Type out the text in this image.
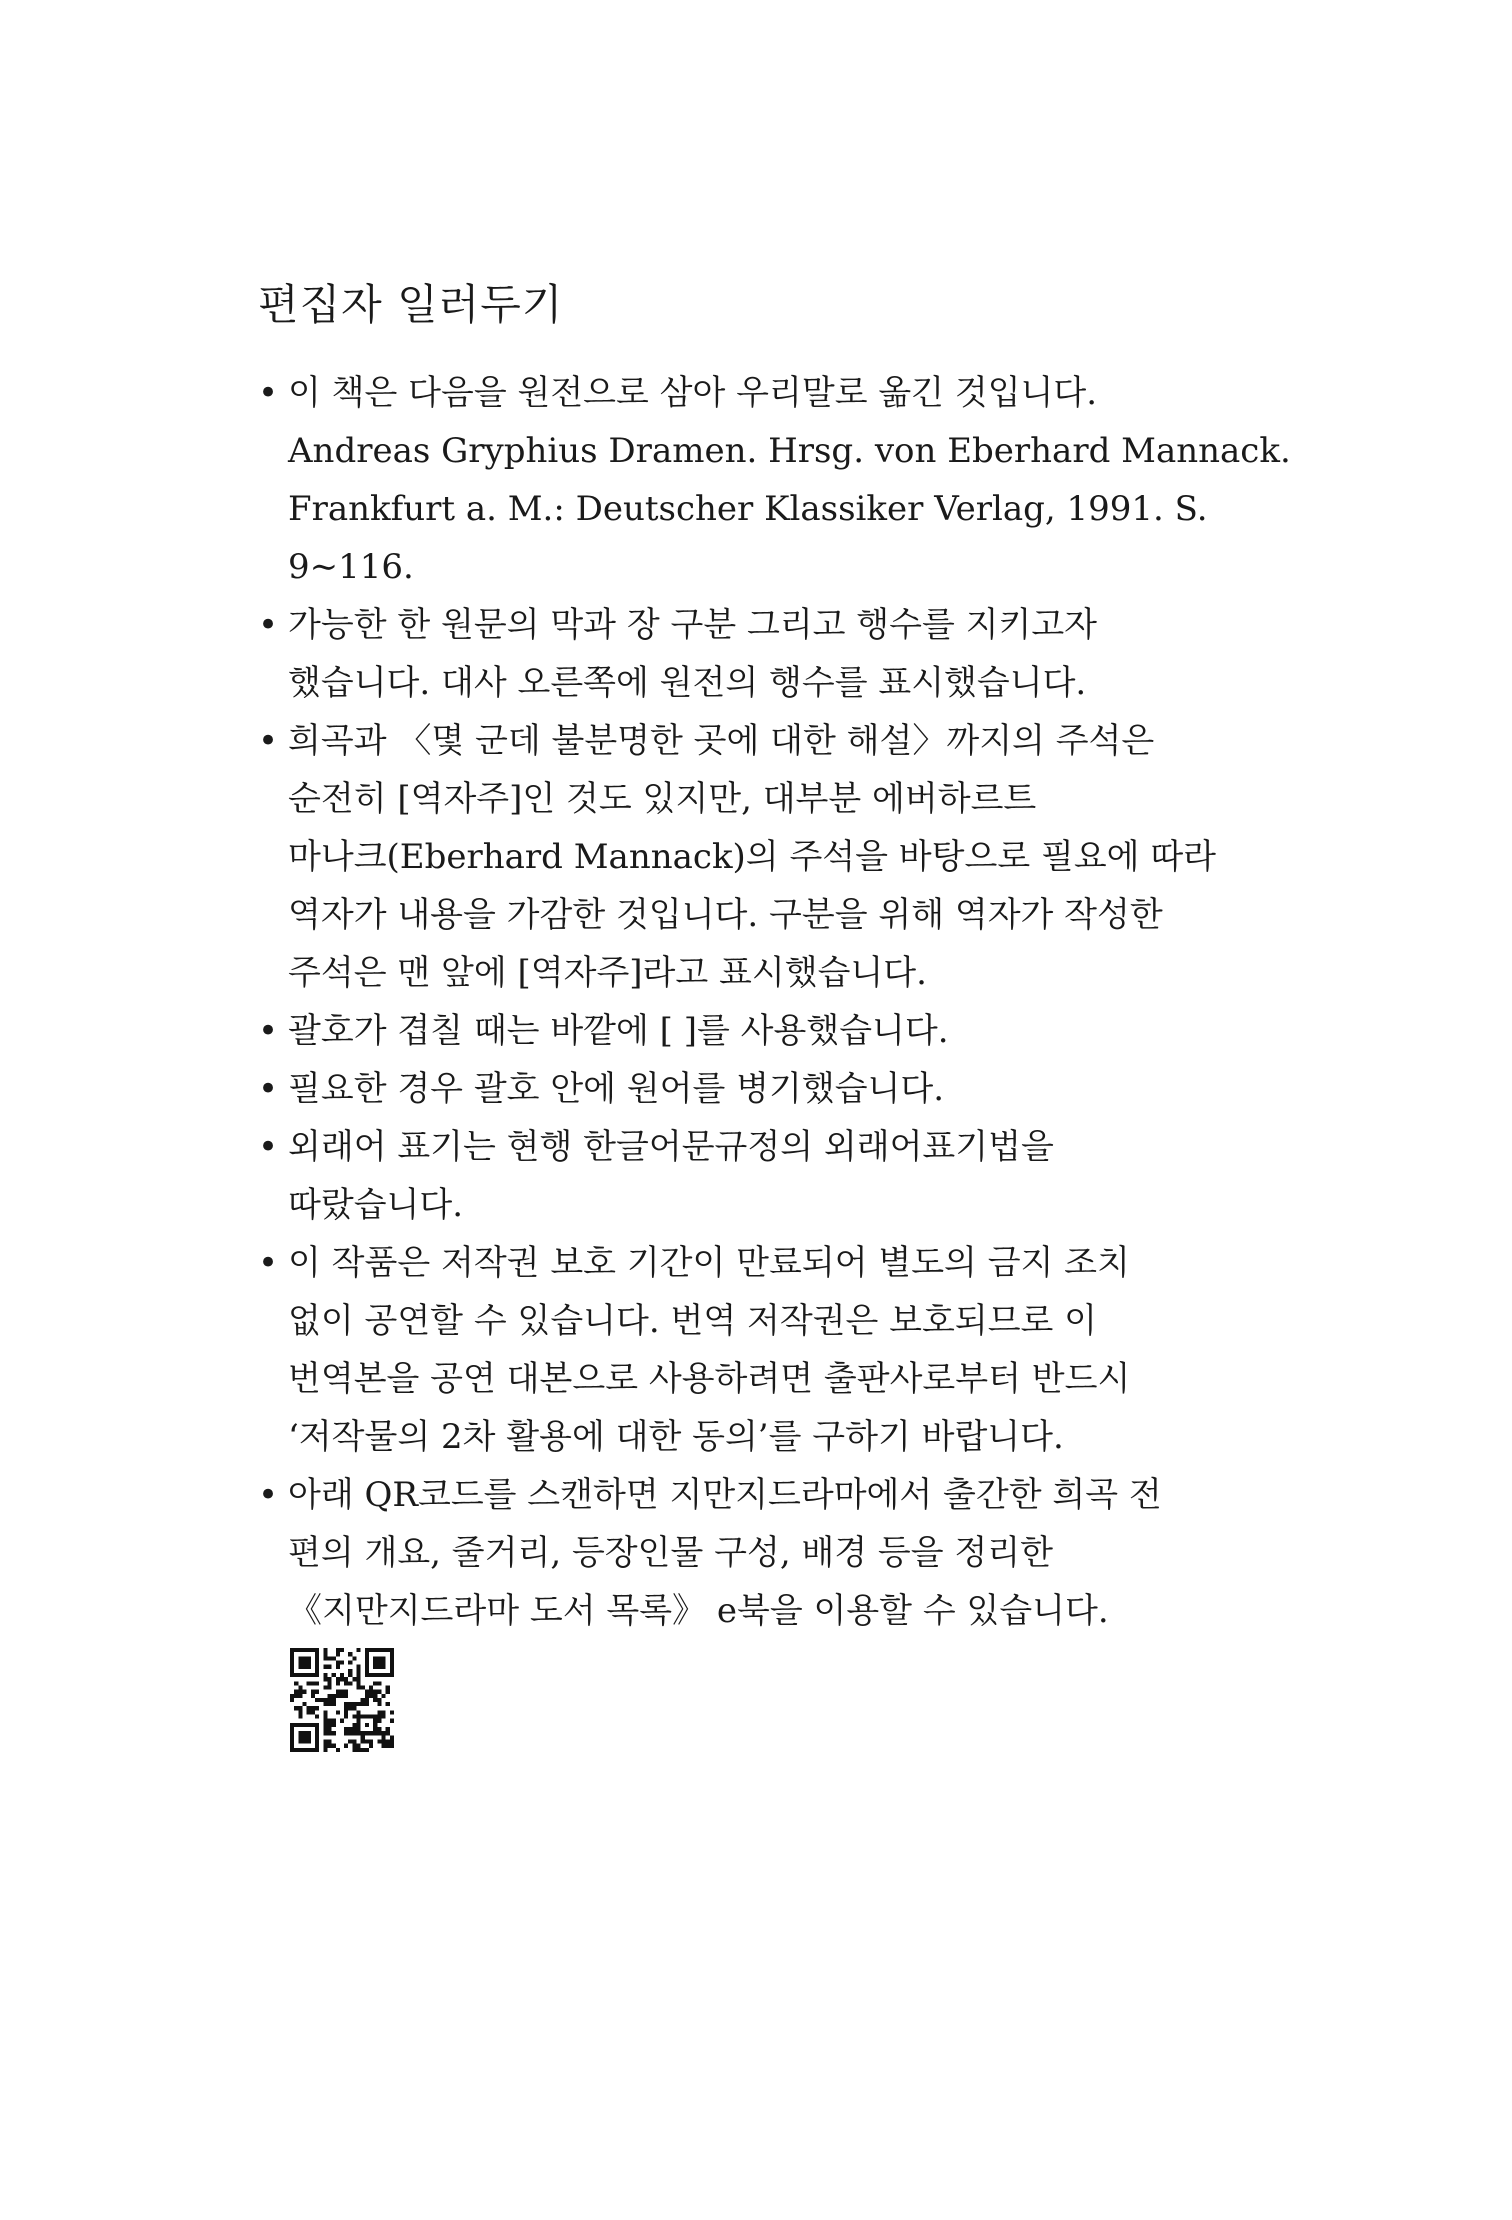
편집자 일러두기
• 이 책은 다음을 원전으로 삼아 우리말로 옮긴 것입니다.
Andreas Gryphius Dramen. Hrsg. von Eberhard Mannack.
Frankfurt a. M.: Deutscher Klassiker Verlag, 1991. S.
9∼116.
• 가능한 한 원문의 막과 장 구분 그리고 행수를 지키고자
했습니다. 대사 오른쪽에 원전의 행수를 표시했습니다.
• 희곡과 〈몇 군데 불분명한 곳에 대한 해설〉까지의 주석은
순전히 [역자주]인 것도 있지만, 대부분 에버하르트
마나크(Eberhard Mannack)의 주석을 바탕으로 필요에 따라
역자가 내용을 가감한 것입니다. 구분을 위해 역자가 작성한
주석은 맨 앞에 [역자주]라고 표시했습니다.
• 괄호가 겹칠 때는 바깥에 [ ]를 사용했습니다.
• 필요한 경우 괄호 안에 원어를 병기했습니다.
• 외래어 표기는 현행 한글어문규정의 외래어표기법을
따랐습니다.
• 이 작품은 저작권 보호 기간이 만료되어 별도의 금지 조치
없이 공연할 수 있습니다. 번역 저작권은 보호되므로 이
번역본을 공연 대본으로 사용하려면 출판사로부터 반드시
‘저작물의 2차 활용에 대한 동의’를 구하기 바랍니다.
• 아래 QR코드를 스캔하면 지만지드라마에서 출간한 희곡 전
편의 개요, 줄거리, 등장인물 구성, 배경 등을 정리한
《지만지드라마 도서 목록》 e북을 이용할 수 있습니다.
